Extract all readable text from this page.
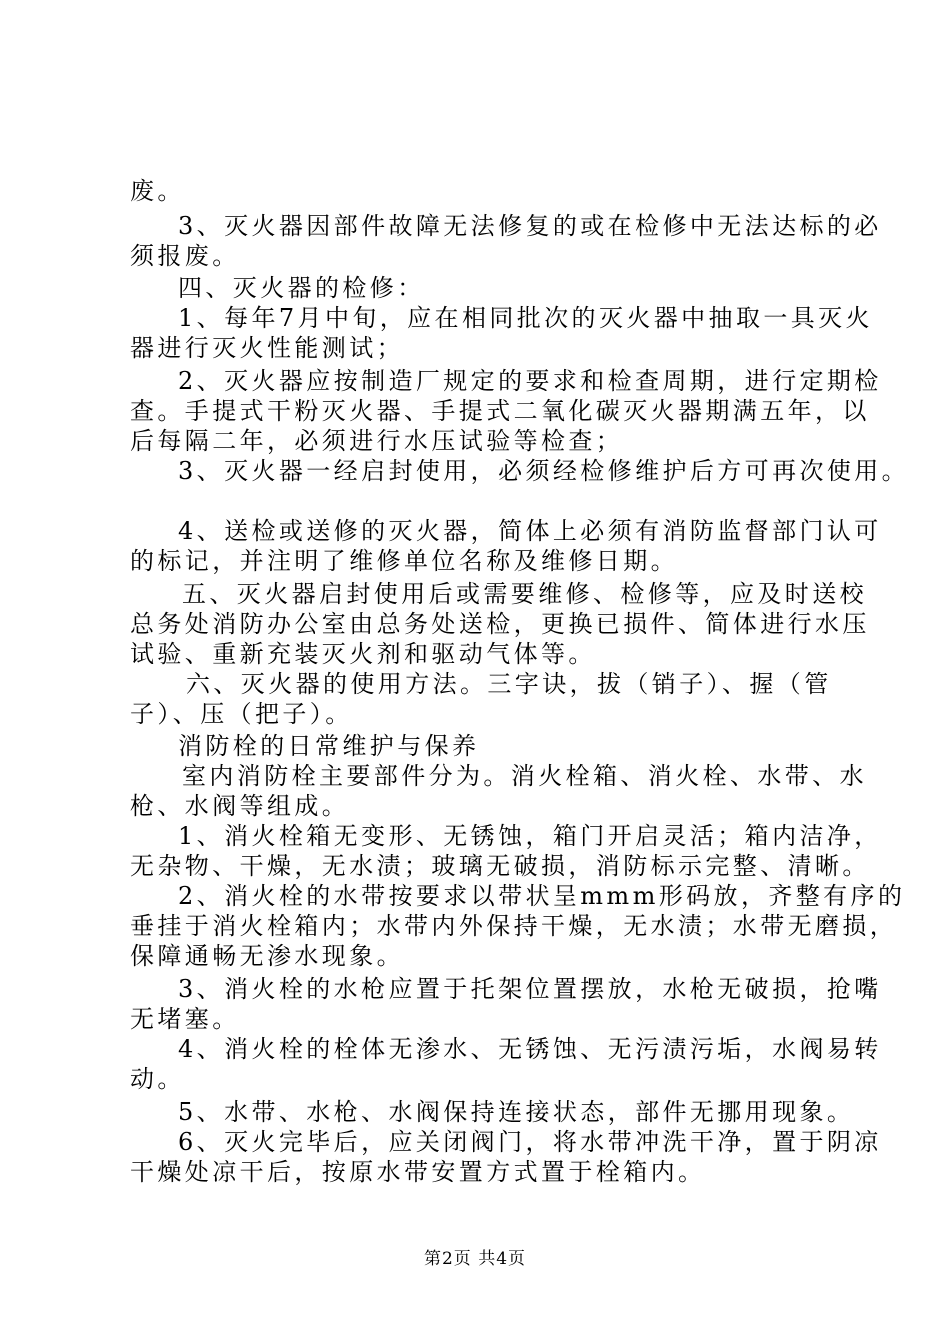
废。
3、灭火器因部件故障无法修复的或在检修中无法达标的必
须报废。
四、灭火器的检修：
1、每年7月中旬，应在相同批次的灭火器中抽取一具灭火
器进行灭火性能测试；
2、灭火器应按制造厂规定的要求和检查周期，进行定期检
查。手提式干粉灭火器、手提式二氧化碳灭火器期满五年，以
后每隔二年，必须进行水压试验等检查；
3、灭火器一经启封使用，必须经检修维护后方可再次使用。
4、送检或送修的灭火器，简体上必须有消防监督部门认可
的标记，并注明了维修单位名称及维修日期。
五、灭火器启封使用后或需要维修、检修等，应及时送校
总务处消防办公室由总务处送检，更换已损件、简体进行水压
试验、重新充装灭火剂和驱动气体等。
六、灭火器的使用方法。三字诀，拔（销子）、握（管
子）、压（把子）。
消防栓的日常维护与保养
室内消防栓主要部件分为。消火栓箱、消火栓、水带、水
枪、水阀等组成。
1、消火栓箱无变形、无锈蚀，箱门开启灵活；箱内洁净，
无杂物、干燥，无水渍；玻璃无破损，消防标示完整、清晰。
2、消火栓的水带按要求以带状呈mmm形码放，齐整有序的
垂挂于消火栓箱内；水带内外保持干燥，无水渍；水带无磨损，
保障通畅无渗水现象。
3、消火栓的水枪应置于托架位置摆放，水枪无破损，抢嘴
无堵塞。
4、消火栓的栓体无渗水、无锈蚀、无污渍污垢，水阀易转
动。
5、水带、水枪、水阀保持连接状态，部件无挪用现象。
6、灭火完毕后，应关闭阀门，将水带冲洗干净，置于阴凉
干燥处凉干后，按原水带安置方式置于栓箱内。
第2页 共4页
